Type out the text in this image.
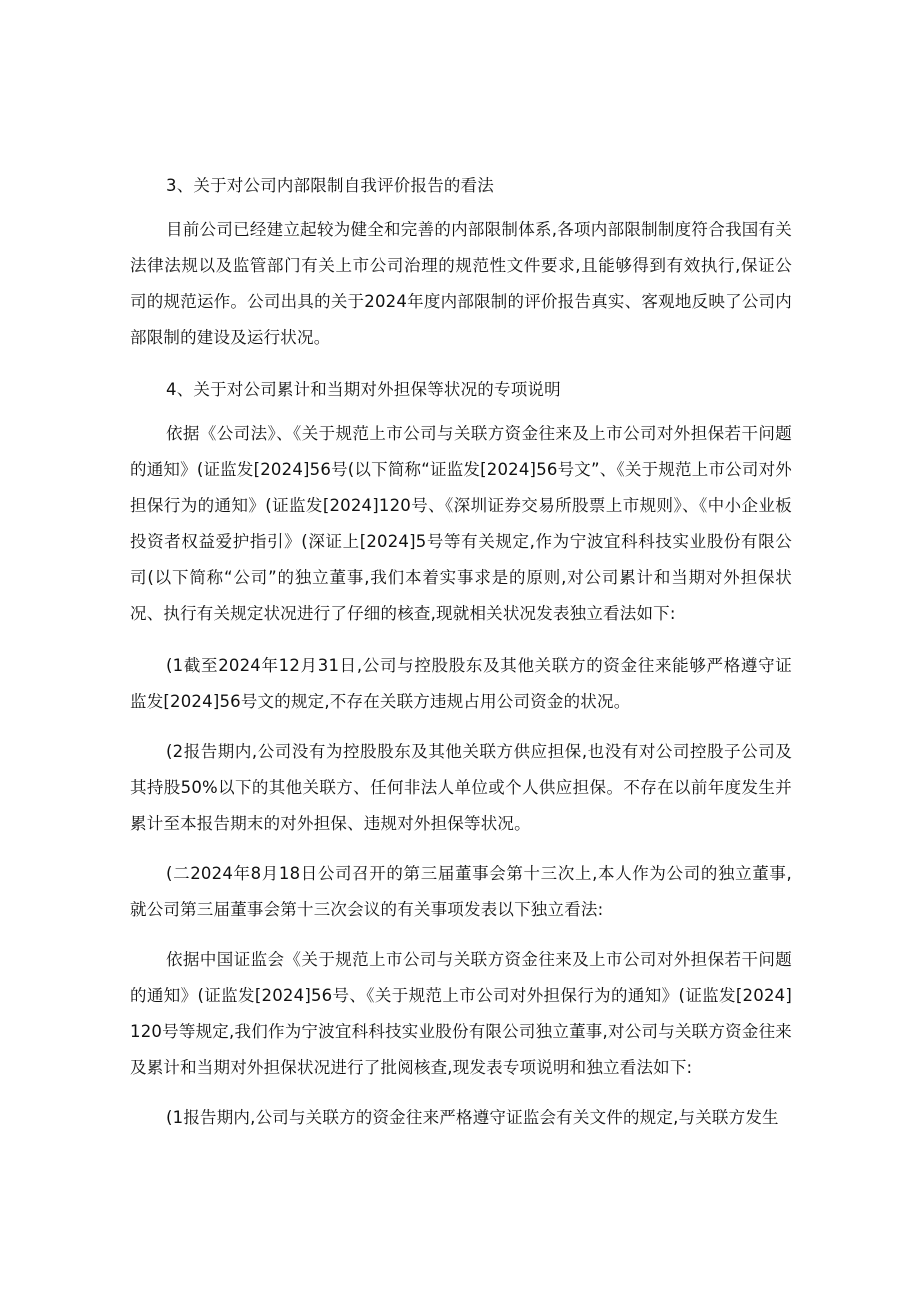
3、关于对公司内部限制自我评价报告的看法

目前公司已经建立起较为健全和完善的内部限制体系,各项内部限制制度符合我国有关法律法规以及监管部门有关上市公司治理的规范性文件要求,且能够得到有效执行,保证公司的规范运作。公司出具的关于2024年度内部限制的评价报告真实、客观地反映了公司内部限制的建设及运行状况。

4、关于对公司累计和当期对外担保等状况的专项说明

依据《公司法》、《关于规范上市公司与关联方资金往来及上市公司对外担保若干问题的通知》(证监发[2024]56号(以下简称“证监发[2024]56号文”、《关于规范上市公司对外担保行为的通知》(证监发[2024]120号、《深圳证券交易所股票上市规则》、《中小企业板投资者权益爱护指引》(深证上[2024]5号等有关规定,作为宁波宜科科技实业股份有限公司(以下简称“公司”的独立董事,我们本着实事求是的原则,对公司累计和当期对外担保状况、执行有关规定状况进行了仔细的核查,现就相关状况发表独立看法如下:

(1截至2024年12月31日,公司与控股股东及其他关联方的资金往来能够严格遵守证监发[2024]56号文的规定,不存在关联方违规占用公司资金的状况。

(2报告期内,公司没有为控股股东及其他关联方供应担保,也没有对公司控股子公司及其持股50%以下的其他关联方、任何非法人单位或个人供应担保。不存在以前年度发生并累计至本报告期末的对外担保、违规对外担保等状况。

(二2024年8月18日公司召开的第三届董事会第十三次上,本人作为公司的独立董事,就公司第三届董事会第十三次会议的有关事项发表以下独立看法:

依据中国证监会《关于规范上市公司与关联方资金往来及上市公司对外担保若干问题的通知》(证监发[2024]56号、《关于规范上市公司对外担保行为的通知》(证监发[2024]120号等规定,我们作为宁波宜科科技实业股份有限公司独立董事,对公司与关联方资金往来及累计和当期对外担保状况进行了批阅核查,现发表专项说明和独立看法如下:

(1报告期内,公司与关联方的资金往来严格遵守证监会有关文件的规定,与关联方发生
